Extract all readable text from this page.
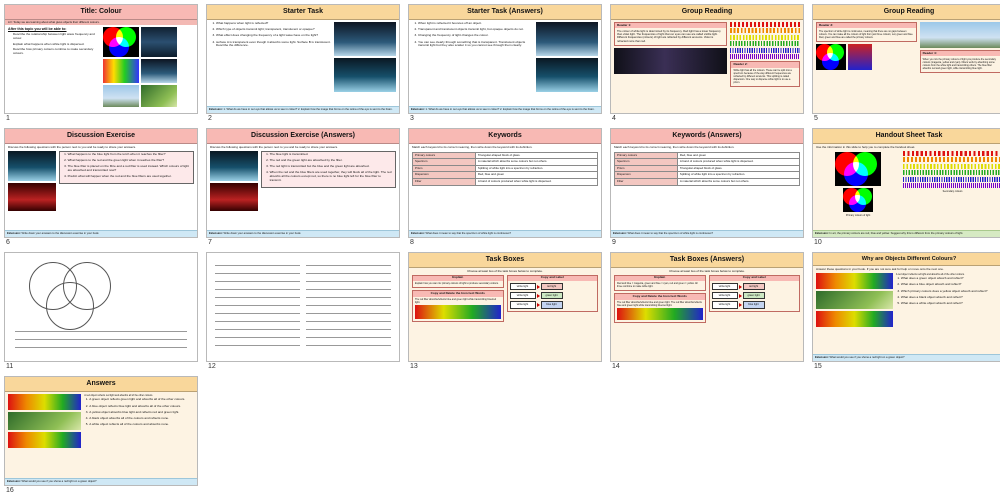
Title: Colour
LO: Today we are learning about what gives objects their different colours.
After this topic you will be able to:
• Describe the relationship between light wave frequency and colour.
• Explain what happens when white light is dispersed.
• Describe how primary colours combine to make secondary colours.
1
Starter Task
1. What happens when light is reflected?
2. Which type of objects transmit light; transparent, translucent or opaque?
3. What effect does changing the frequency of a light wave have on the light?
4. surface A is transparent even though it absorbs some light. Surface B is translucent. Describe the difference.
Extension: 1. What do we have in our eye that allows us to see in colour? 2. Explain how the image that forms on the retina of the eye is sent to the brain.
2
Starter Task (Answers)
1. When light is reflected it bounces off an object.
2. Transparent and translucent objects transmit light, but opaque objects do not.
3. Changing the frequency of light changes the colour.
4. You can see clearly through something that is transparent. Translucent objects transmit light but they also scatter it so you cannot see through them clearly.
Extension: 1. What do we have in our eye that allows us to see in colour? 2. Explain how the image that forms on the retina of the eye is sent to the brain.
3
Group Reading
Reader 1:
The colour of white light is determined by its frequency. Red light has a lower frequency than violet light. The frequencies of light that our eyes can see are called visible light. Different frequencies (colours) of light are reflected by different amounts. Violet is refracted more than red.
Reader 2:
White light has all the colours. These can be split into a spectrum because of the way different frequencies are refracted by different amounts. This splitting is called dispersion. One way to disperse white light is to use a prism.
4
Group Reading
Reader 3:
The spectrum of white light is continuous, meaning that there are no gaps between colours. You can make all the colours of light from just three colours; red, green and blue. Red, green and blue are called the primary colours.
Reader 4:
When you mix the primary colours of light you produce the secondary colours (magenta, yellow and cyan). Filters work by absorbing some colours from the white light and transmitting others. The blue filter absorbs red and green light, while transmitting blue light.
5
Discussion Exercise
Discuss the following questions with the person next to you and be ready to share your answers.
1. What happens to the blue light from the torch when it reaches the filter?
2. What happens to the red and the green light when it reaches the filter?
3. The blue filter is placed on the fibre and a red filter is used instead. Which colours of light are absorbed and transmitted now?
4. Predict what will happen when the red and the blue filters are used together.
Extension: Write down your answers to the discussion exercise in your book.
6
Discussion Exercise (Answers)
Discuss the following questions with the person next to you and be ready to share your answers.
1. The blue light is transmitted.
2. The red and the green light are absorbed by the filter.
3. The red light is transmitted but the blue and the green light are absorbed.
4. When the red and the blue filters are used together, they will block all of the light. The red absorbs all the colours except red, so there is no blue light left for the blue filter to transmit.
Extension: Write down your answers to the discussion exercise in your book.
7
Keywords
Match each keyword to its correct meaning, then write down the keyword with its definition.
Primary colours	Triangular-shaped block of glass.
Spectrum	A material which absorbs some colours but not others.
Prism	Splitting of white light into a spectrum by refraction.
Dispersion	Red, blue and green
Filter	A band of colours produced when white light is dispersed.
Extension: What does it mean to say that the spectrum of white light is continuous?
8
Keywords (Answers)
Match each keyword to its correct meaning, then write down the keyword with its definition.
Primary colours	Red, blue and green
Spectrum	A band of colours produced when white light is dispersed.
Prism	Triangular-shaped block of glass.
Dispersion	Splitting of white light into a spectrum by refraction.
Filter	A material which absorbs some colours but not others.
Extension: What does it mean to say that the spectrum of white light is continuous?
9
Handout Sheet Task
Use the information in this slide to help you to complete the handout sheet.
Primary colours of light
Secondary colours
Extension: In art, the primary colours are red, blue and yellow. Suggest why this is different from the primary colours of light.
10
11	12
Task Boxes
Choose at least two of the task boxes below to complete.
Explain
Explain how you can mix primary colours of light to produce secondary colours.
Copy and Delete the Incorrect Words
The red filter absorbs/reflects blue and green light while transmitting blue/red light.
Copy and Label
white light	red light
white light	green light
white light	blue light
13
Task Boxes (Answers)
Choose at least two of the task boxes below to complete.
Explain
Red and blue = magenta, green and blue = cyan, red and green = yellow. All three combine to make white light.
Copy and Delete the Incorrect Words
The red filter absorbs/reflects blue and green light. The red filter absorbs/reflects blue and green light while transmitting blue/red light.
Copy and Label
white light	red light
white light	green light
white light	blue light
14
Why are Objects Different Colours?
Answer these questions in your book. If you are not sure ask for help or move onto the next one.
A red object reflects red light and absorbs all of the other colours.
1. What does a green object absorb and reflect?
2. What does a blue object absorb and reflect?
3. Which primary colours does a yellow object absorb and reflect?
4. What does a black object absorb and reflect?
5. What does a white object absorb and reflect?
Extension: What would you see if you shone a red light on a green object?
15
Answers
A red object reflects red light and absorbs all of the other colours.
1. A green object reflects green light and absorbs all of the other colours.
2. A blue object reflects blue light and absorbs all of the other colours.
3. A yellow object absorbs blue light and reflects red and green light.
4. A black object absorbs all of the colours and reflects none.
5. A white object reflects all of the colours and absorbs none.
Extension: What would you see if you shone a red light on a green object?
16
